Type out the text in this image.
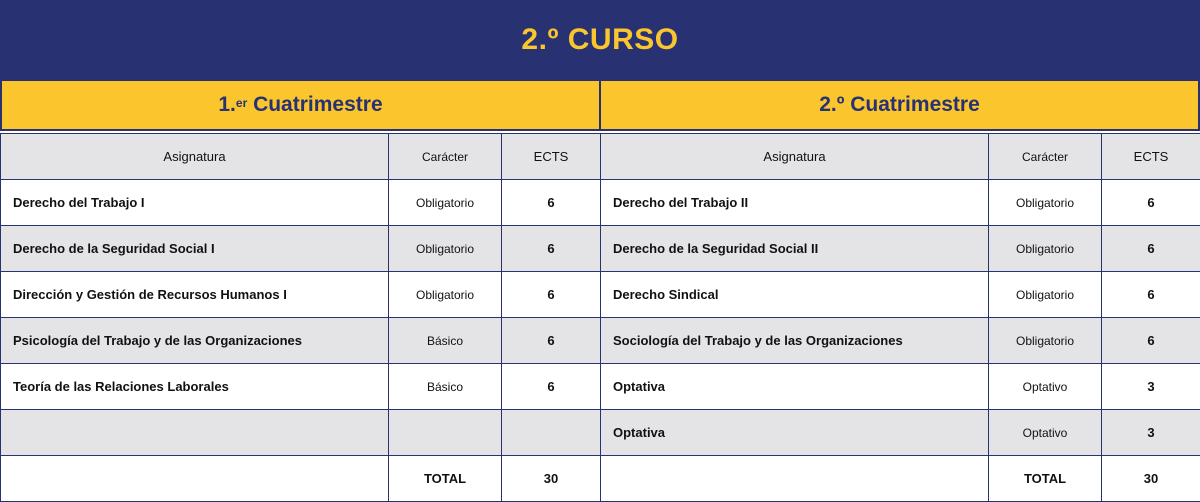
2.º CURSO
1.$^{er}$ Cuatrimestre
Asignatura	Carácter	ECTS
Derecho del Trabajo I	Obligatorio	6
Derecho de la Seguridad Social I	Obligatorio	6
Dirección y Gestión de Recursos Humanos I	Obligatorio	6
Psicología del Trabajo y de las Organizaciones	Básico	6
Teoría de las Relaciones Laborales	Básico	6

	TOTAL	30
2.º Cuatrimestre
Asignatura	Carácter	ECTS
Derecho del Trabajo II	Obligatorio	6
Derecho de la Seguridad Social II	Obligatorio	6
Derecho Sindical	Obligatorio	6
Sociología del Trabajo y de las Organizaciones	Obligatorio	6
Optativa	Optativo	3
Optativa	Optativo	3
	TOTAL	30
